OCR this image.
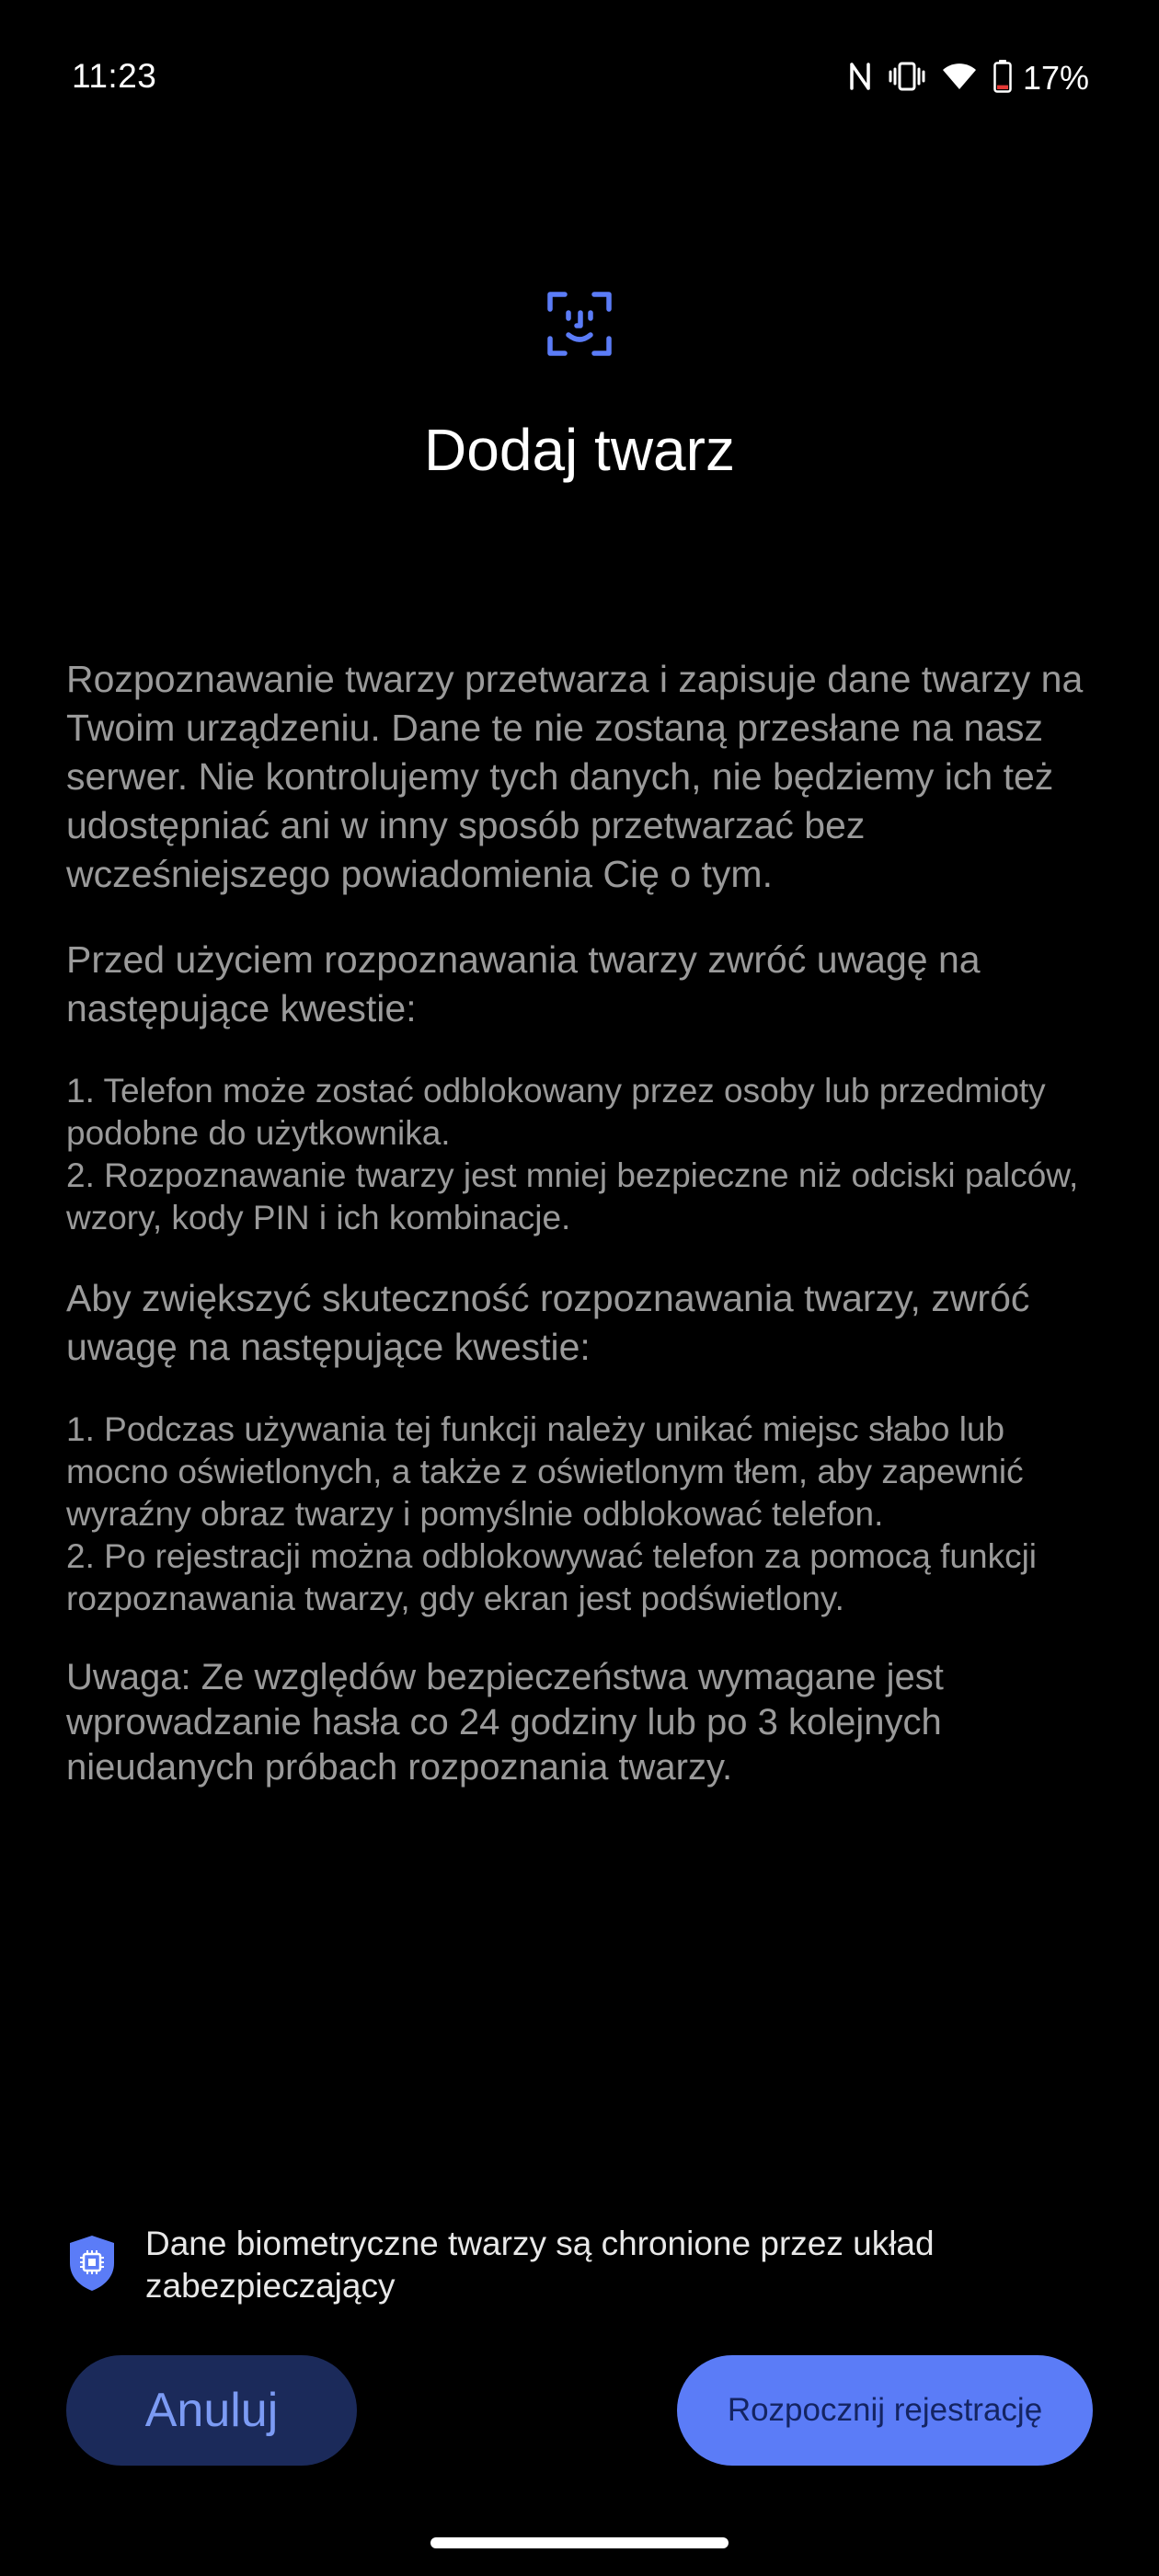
11:23	17%
Dodaj twarz

Rozpoznawanie twarzy przetwarza i zapisuje dane twarzy na Twoim urządzeniu. Dane te nie zostaną przesłane na nasz serwer. Nie kontrolujemy tych danych, nie będziemy ich też udostępniać ani w inny sposób przetwarzać bez wcześniejszego powiadomienia Cię o tym.

Przed użyciem rozpoznawania twarzy zwróć uwagę na następujące kwestie:

1. Telefon może zostać odblokowany przez osoby lub przedmioty podobne do użytkownika.
2. Rozpoznawanie twarzy jest mniej bezpieczne niż odciski palców, wzory, kody PIN i ich kombinacje.

Aby zwiększyć skuteczność rozpoznawania twarzy, zwróć uwagę na następujące kwestie:

1. Podczas używania tej funkcji należy unikać miejsc słabo lub mocno oświetlonych, a także z oświetlonym tłem, aby zapewnić wyraźny obraz twarzy i pomyślnie odblokować telefon.
2. Po rejestracji można odblokowywać telefon za pomocą funkcji rozpoznawania twarzy, gdy ekran jest podświetlony.

Uwaga: Ze względów bezpieczeństwa wymagane jest wprowadzanie hasła co 24 godziny lub po 3 kolejnych nieudanych próbach rozpoznania twarzy.

Dane biometryczne twarzy są chronione przez układ zabezpieczający
Anuluj	Rozpocznij rejestrację
